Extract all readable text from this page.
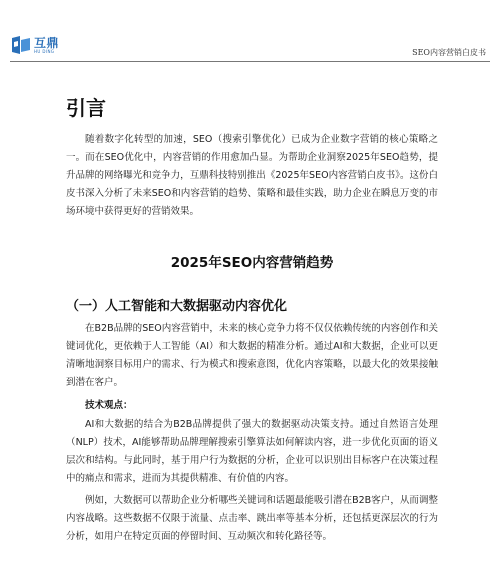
互鼎
HU DING	SEO内容营销白皮书
引言

随着数字化转型的加速，SEO（搜索引擎优化）已成为企业数字营销的核心策略之一。而在SEO优化中，内容营销的作用愈加凸显。为帮助企业洞察2025年SEO趋势，提升品牌的网络曝光和竞争力，互鼎科技特别推出《2025年SEO内容营销白皮书》。这份白皮书深入分析了未来SEO和内容营销的趋势、策略和最佳实践，助力企业在瞬息万变的市场环境中获得更好的营销效果。

2025年SEO内容营销趋势
（一）人工智能和大数据驱动内容优化

在B2B品牌的SEO内容营销中，未来的核心竞争力将不仅仅依赖传统的内容创作和关键词优化，更依赖于人工智能（AI）和大数据的精准分析。通过AI和大数据，企业可以更清晰地洞察目标用户的需求、行为模式和搜索意图，优化内容策略，以最大化的效果接触到潜在客户。

技术观点：

AI和大数据的结合为B2B品牌提供了强大的数据驱动决策支持。通过自然语言处理（NLP）技术，AI能够帮助品牌理解搜索引擎算法如何解读内容，进一步优化页面的语义层次和结构。与此同时，基于用户行为数据的分析，企业可以识别出目标客户在决策过程中的痛点和需求，进而为其提供精准、有价值的内容。

例如，大数据可以帮助企业分析哪些关键词和话题最能吸引潜在B2B客户，从而调整内容战略。这些数据不仅限于流量、点击率、跳出率等基本分析，还包括更深层次的行为分析，如用户在特定页面的停留时间、互动频次和转化路径等。
